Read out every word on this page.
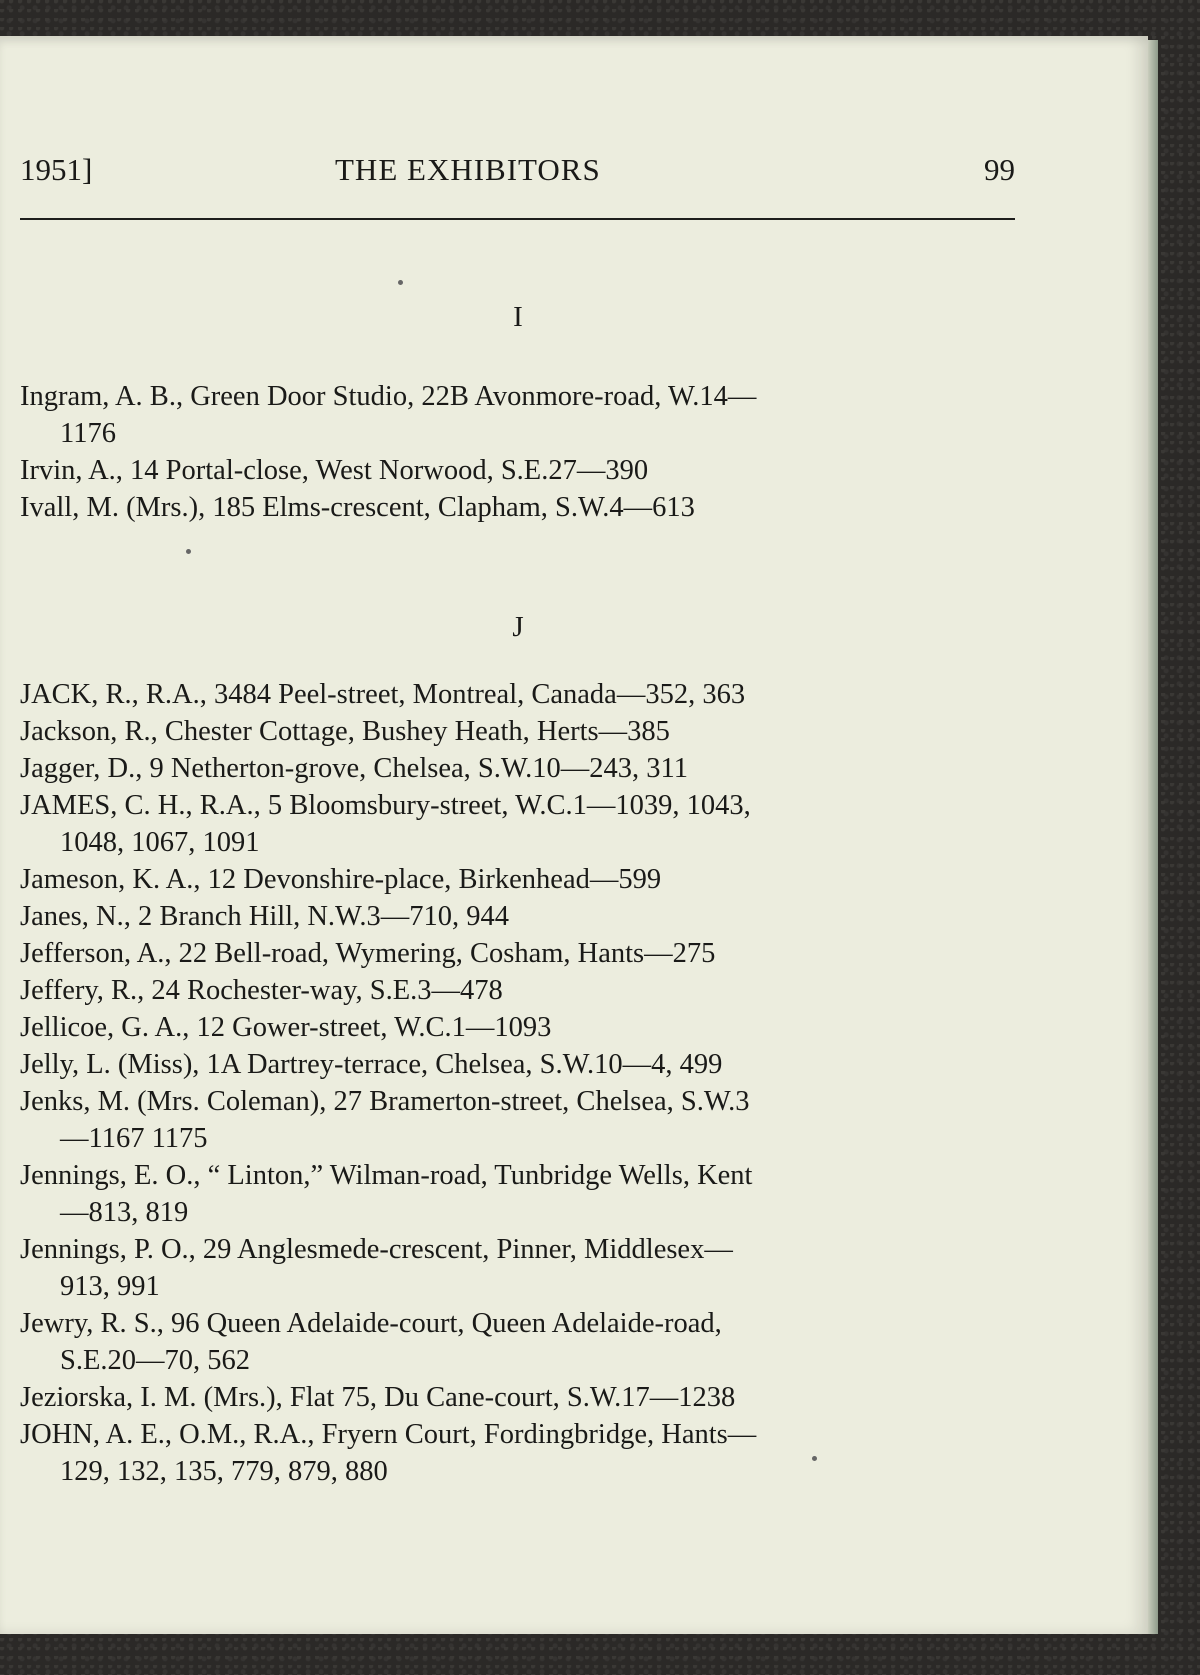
1951]	THE EXHIBITORS	99
I
Ingram, A. B., Green Door Studio, 22B Avonmore-road, W.14—
1176
Irvin, A., 14 Portal-close, West Norwood, S.E.27—390
Ivall, M. (Mrs.), 185 Elms-crescent, Clapham, S.W.4—613
J
JACK, R., R.A., 3484 Peel-street, Montreal, Canada—352, 363
Jackson, R., Chester Cottage, Bushey Heath, Herts—385
Jagger, D., 9 Netherton-grove, Chelsea, S.W.10—243, 311
JAMES, C. H., R.A., 5 Bloomsbury-street, W.C.1—1039, 1043,
1048, 1067, 1091
Jameson, K. A., 12 Devonshire-place, Birkenhead—599
Janes, N., 2 Branch Hill, N.W.3—710, 944
Jefferson, A., 22 Bell-road, Wymering, Cosham, Hants—275
Jeffery, R., 24 Rochester-way, S.E.3—478
Jellicoe, G. A., 12 Gower-street, W.C.1—1093
Jelly, L. (Miss), 1A Dartrey-terrace, Chelsea, S.W.10—4, 499
Jenks, M. (Mrs. Coleman), 27 Bramerton-street, Chelsea, S.W.3
—1167 1175
Jennings, E. O., “ Linton,” Wilman-road, Tunbridge Wells, Kent
—813, 819
Jennings, P. O., 29 Anglesmede-crescent, Pinner, Middlesex—
913, 991
Jewry, R. S., 96 Queen Adelaide-court, Queen Adelaide-road,
S.E.20—70, 562
Jeziorska, I. M. (Mrs.), Flat 75, Du Cane-court, S.W.17—1238
JOHN, A. E., O.M., R.A., Fryern Court, Fordingbridge, Hants—
129, 132, 135, 779, 879, 880
